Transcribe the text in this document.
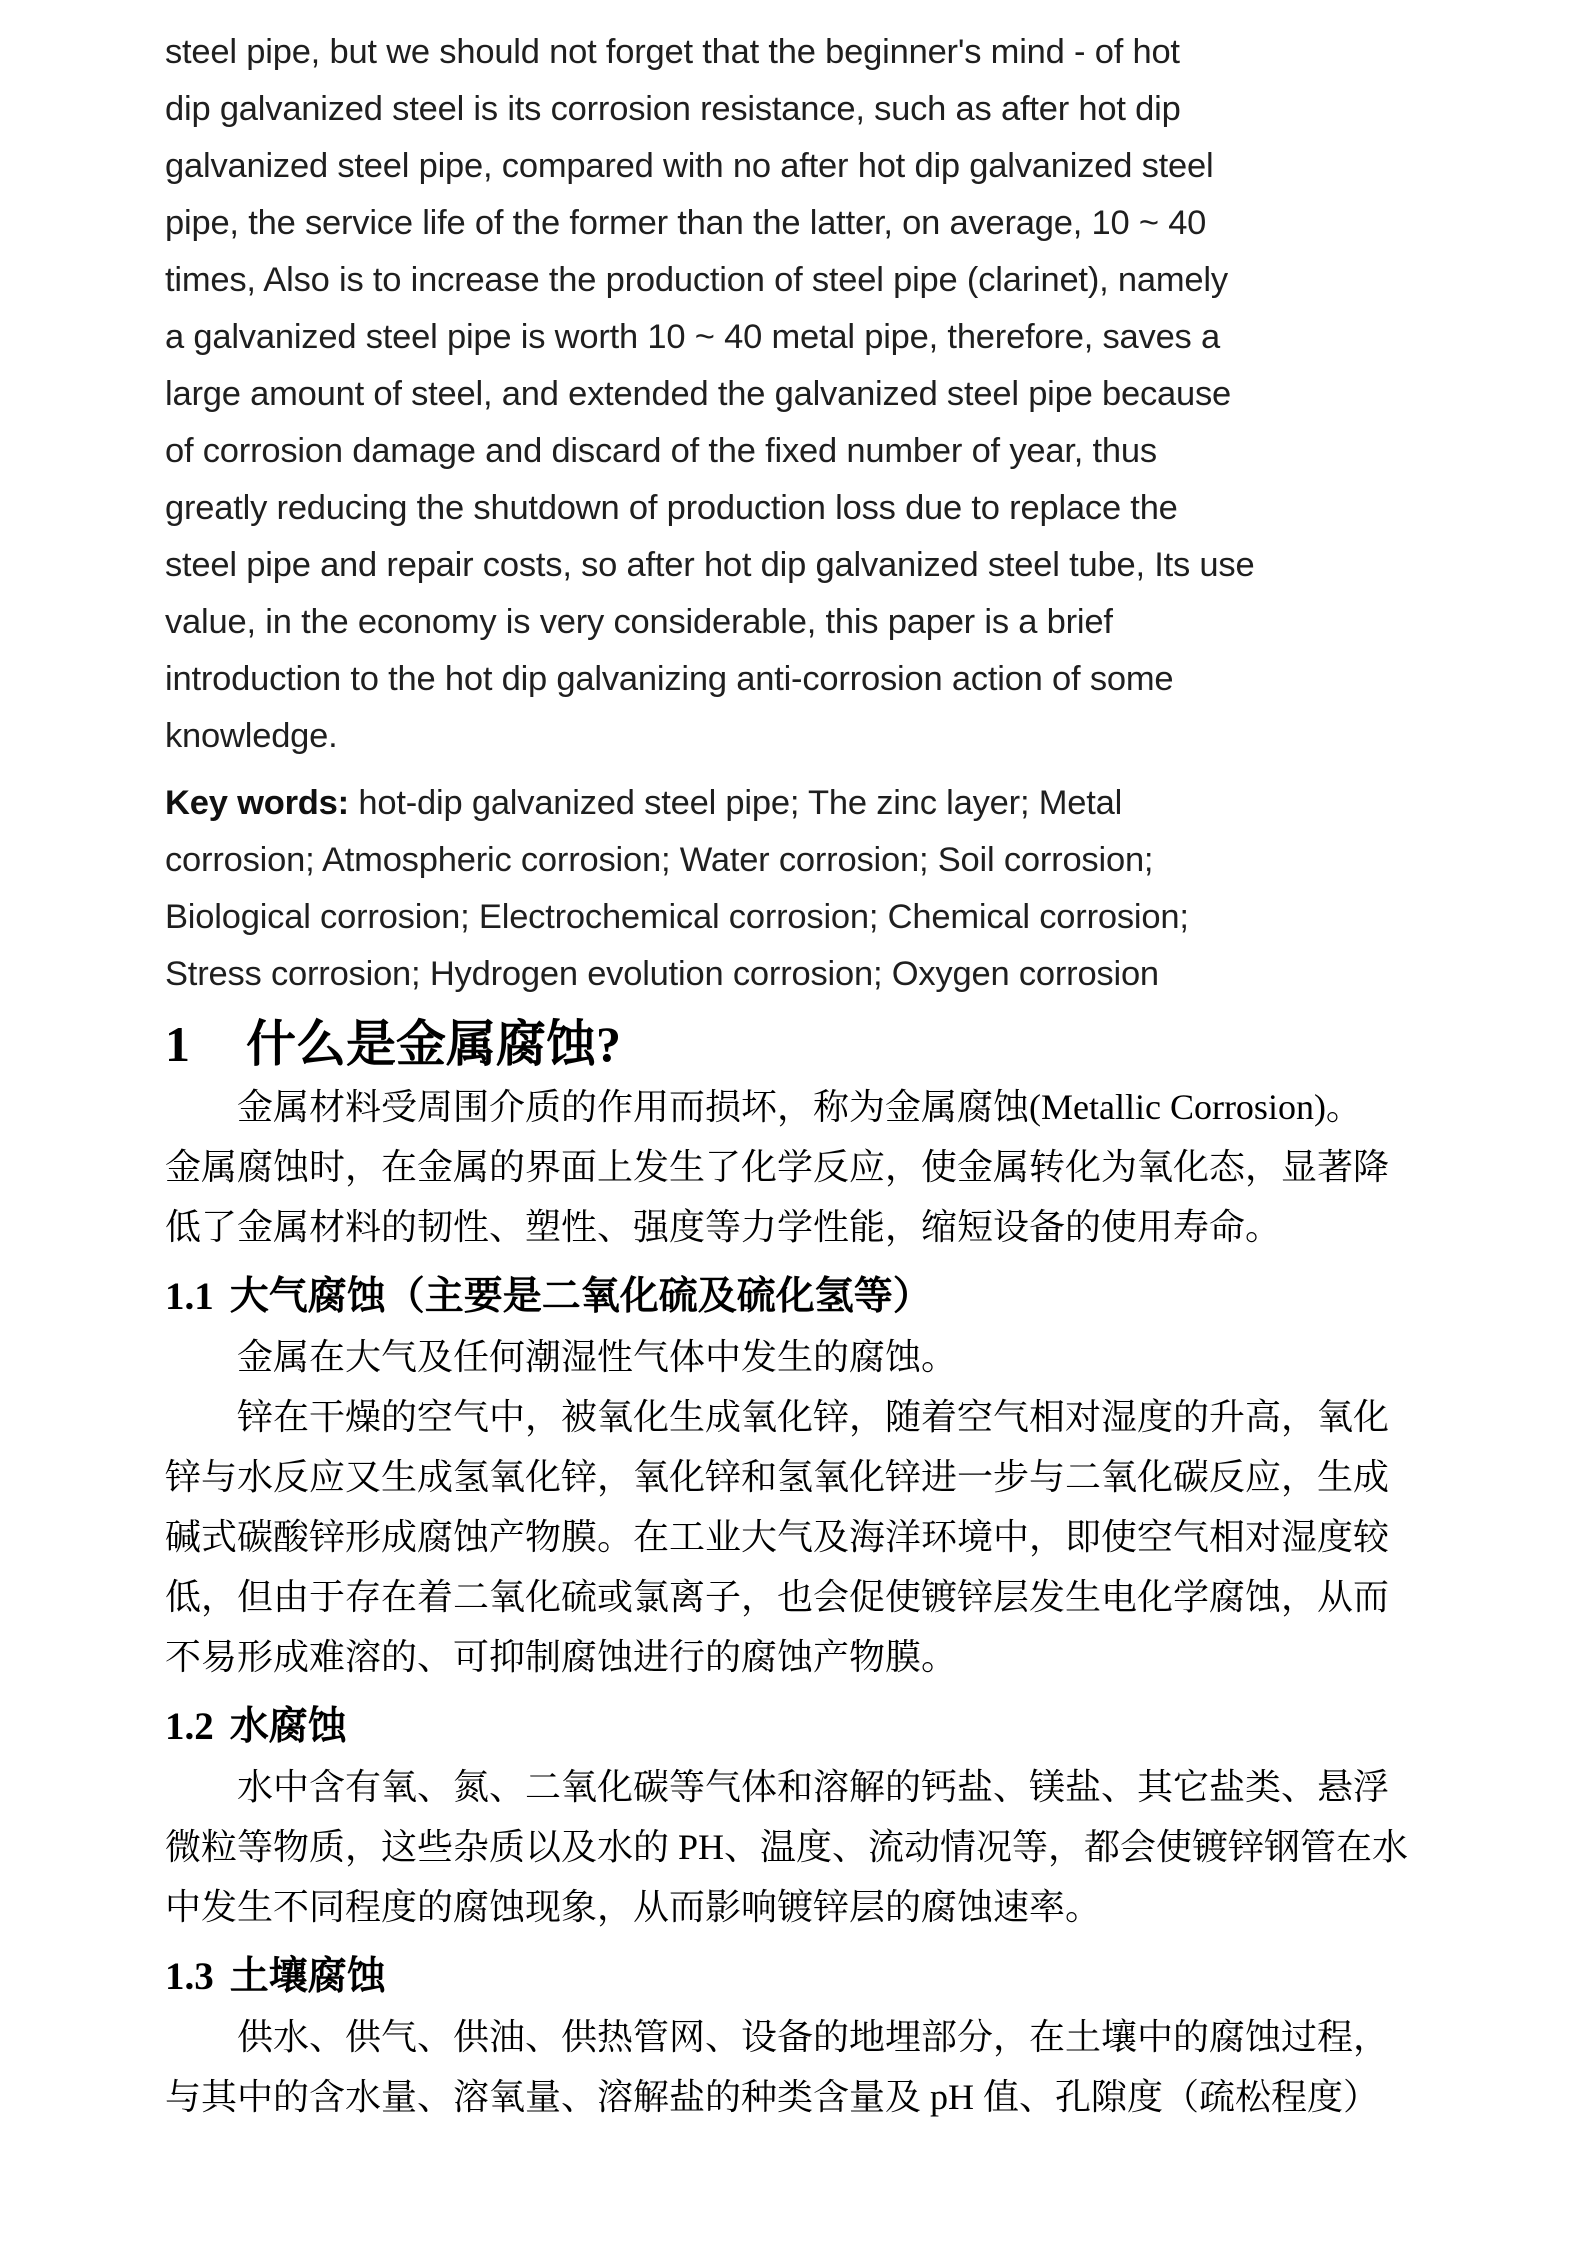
steel pipe, but we should not forget that the beginner's mind - of hot
dip galvanized steel is its corrosion resistance, such as after hot dip
galvanized steel pipe, compared with no after hot dip galvanized steel
pipe, the service life of the former than the latter, on average, 10 ~ 40
times, Also is to increase the production of steel pipe (clarinet), namely
a galvanized steel pipe is worth 10 ~ 40 metal pipe, therefore, saves a
large amount of steel, and extended the galvanized steel pipe because
of corrosion damage and discard of the fixed number of year, thus
greatly reducing the shutdown of production loss due to replace the
steel pipe and repair costs, so after hot dip galvanized steel tube, Its use
value, in the economy is very considerable, this paper is a brief
introduction to the hot dip galvanizing anti-corrosion action of some
knowledge.
Key words: hot-dip galvanized steel pipe; The zinc layer; Metal
corrosion; Atmospheric corrosion; Water corrosion; Soil corrosion;
Biological corrosion; Electrochemical corrosion; Chemical corrosion;
Stress corrosion; Hydrogen evolution corrosion; Oxygen corrosion
1 什么是金属腐蚀?
　　金属材料受周围介质的作用而损坏，称为金属腐蚀(Metallic Corrosion)。
金属腐蚀时，在金属的界面上发生了化学反应，使金属转化为氧化态，显著降
低了金属材料的韧性、塑性、强度等力学性能，缩短设备的使用寿命。
1.1 大气腐蚀（主要是二氧化硫及硫化氢等）
　　金属在大气及任何潮湿性气体中发生的腐蚀。
　　锌在干燥的空气中，被氧化生成氧化锌，随着空气相对湿度的升高，氧化
锌与水反应又生成氢氧化锌，氧化锌和氢氧化锌进一步与二氧化碳反应，生成
碱式碳酸锌形成腐蚀产物膜。在工业大气及海洋环境中，即使空气相对湿度较
低，但由于存在着二氧化硫或氯离子，也会促使镀锌层发生电化学腐蚀，从而
不易形成难溶的、可抑制腐蚀进行的腐蚀产物膜。
1.2 水腐蚀
　　水中含有氧、氮、二氧化碳等气体和溶解的钙盐、镁盐、其它盐类、悬浮
微粒等物质，这些杂质以及水的 PH、温度、流动情况等，都会使镀锌钢管在水
中发生不同程度的腐蚀现象，从而影响镀锌层的腐蚀速率。
1.3 土壤腐蚀
　　供水、供气、供油、供热管网、设备的地埋部分，在土壤中的腐蚀过程，
与其中的含水量、溶氧量、溶解盐的种类含量及 pH 值、孔隙度（疏松程度）
